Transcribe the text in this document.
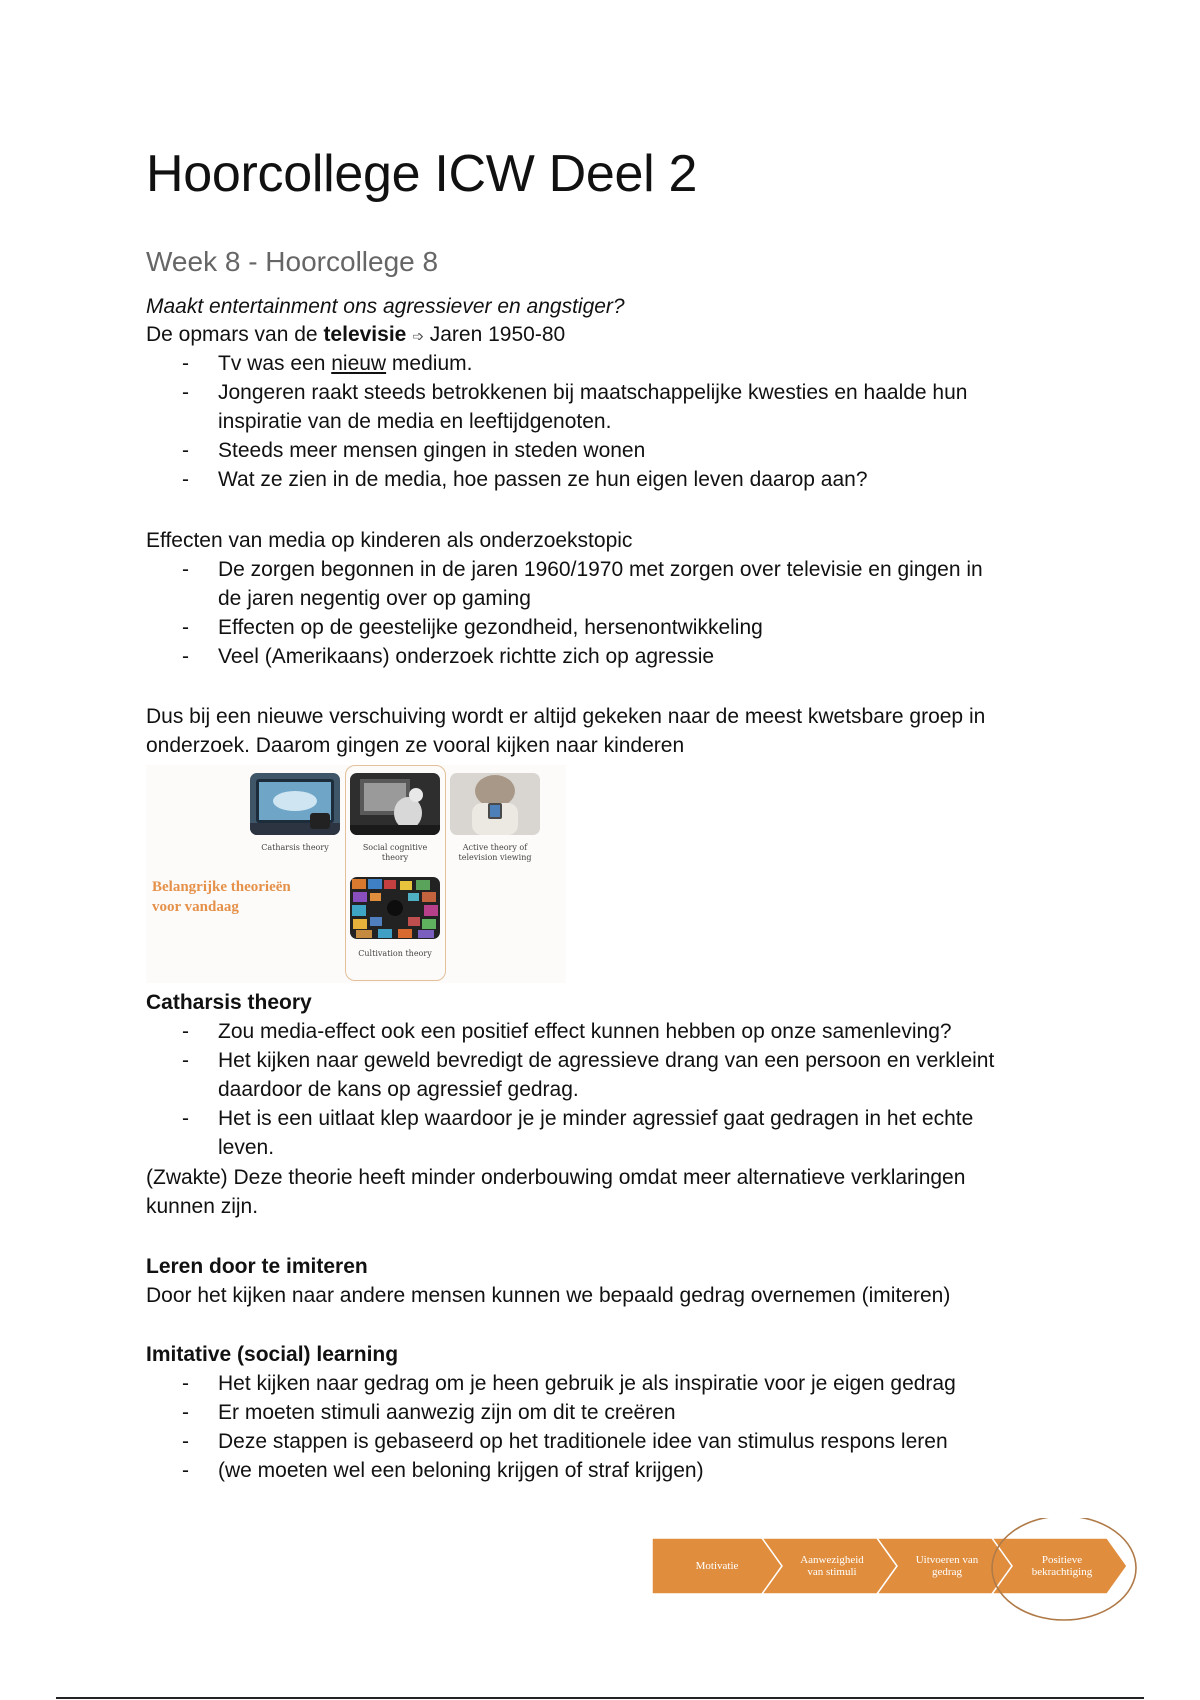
Hoorcollege ICW Deel 2
Week 8 - Hoorcollege 8
Maakt entertainment ons agressiever en angstiger?
De opmars van de televisie ➩ Jaren 1950-80
- Tv was een nieuw medium.
- Jongeren raakt steeds betrokkenen bij maatschappelijke kwesties en haalde hun
inspiratie van de media en leeftijdgenoten.
- Steeds meer mensen gingen in steden wonen
- Wat ze zien in de media, hoe passen ze hun eigen leven daarop aan?
Effecten van media op kinderen als onderzoekstopic
- De zorgen begonnen in de jaren 1960/1970 met zorgen over televisie en gingen in
de jaren negentig over op gaming
- Effecten op de geestelijke gezondheid, hersenontwikkeling
- Veel (Amerikaans) onderzoek richtte zich op agressie
Dus bij een nieuwe verschuiving wordt er altijd gekeken naar de meest kwetsbare groep in
onderzoek. Daarom gingen ze vooral kijken naar kinderen
Catharsis theory	Social cognitive
theory
Active theory of
television viewing
Belangrijke theorieën
voor vandaag
Cultivation theory
Catharsis theory
- Zou media-effect ook een positief effect kunnen hebben op onze samenleving?
- Het kijken naar geweld bevredigt de agressieve drang van een persoon en verkleint
daardoor de kans op agressief gedrag.
- Het is een uitlaat klep waardoor je je minder agressief gaat gedragen in het echte
leven.
(Zwakte) Deze theorie heeft minder onderbouwing omdat meer alternatieve verklaringen
kunnen zijn.
Leren door te imiteren
Door het kijken naar andere mensen kunnen we bepaald gedrag overnemen (imiteren)
Imitative (social) learning
- Het kijken naar gedrag om je heen gebruik je als inspiratie voor je eigen gedrag
- Er moeten stimuli aanwezig zijn om dit te creëren
- Deze stappen is gebaseerd op het traditionele idee van stimulus respons leren
- (we moeten wel een beloning krijgen of straf krijgen)
Motivatie	Aanwezigheid
van stimuli
Uitvoeren van
gedrag
Positieve
bekrachtiging
